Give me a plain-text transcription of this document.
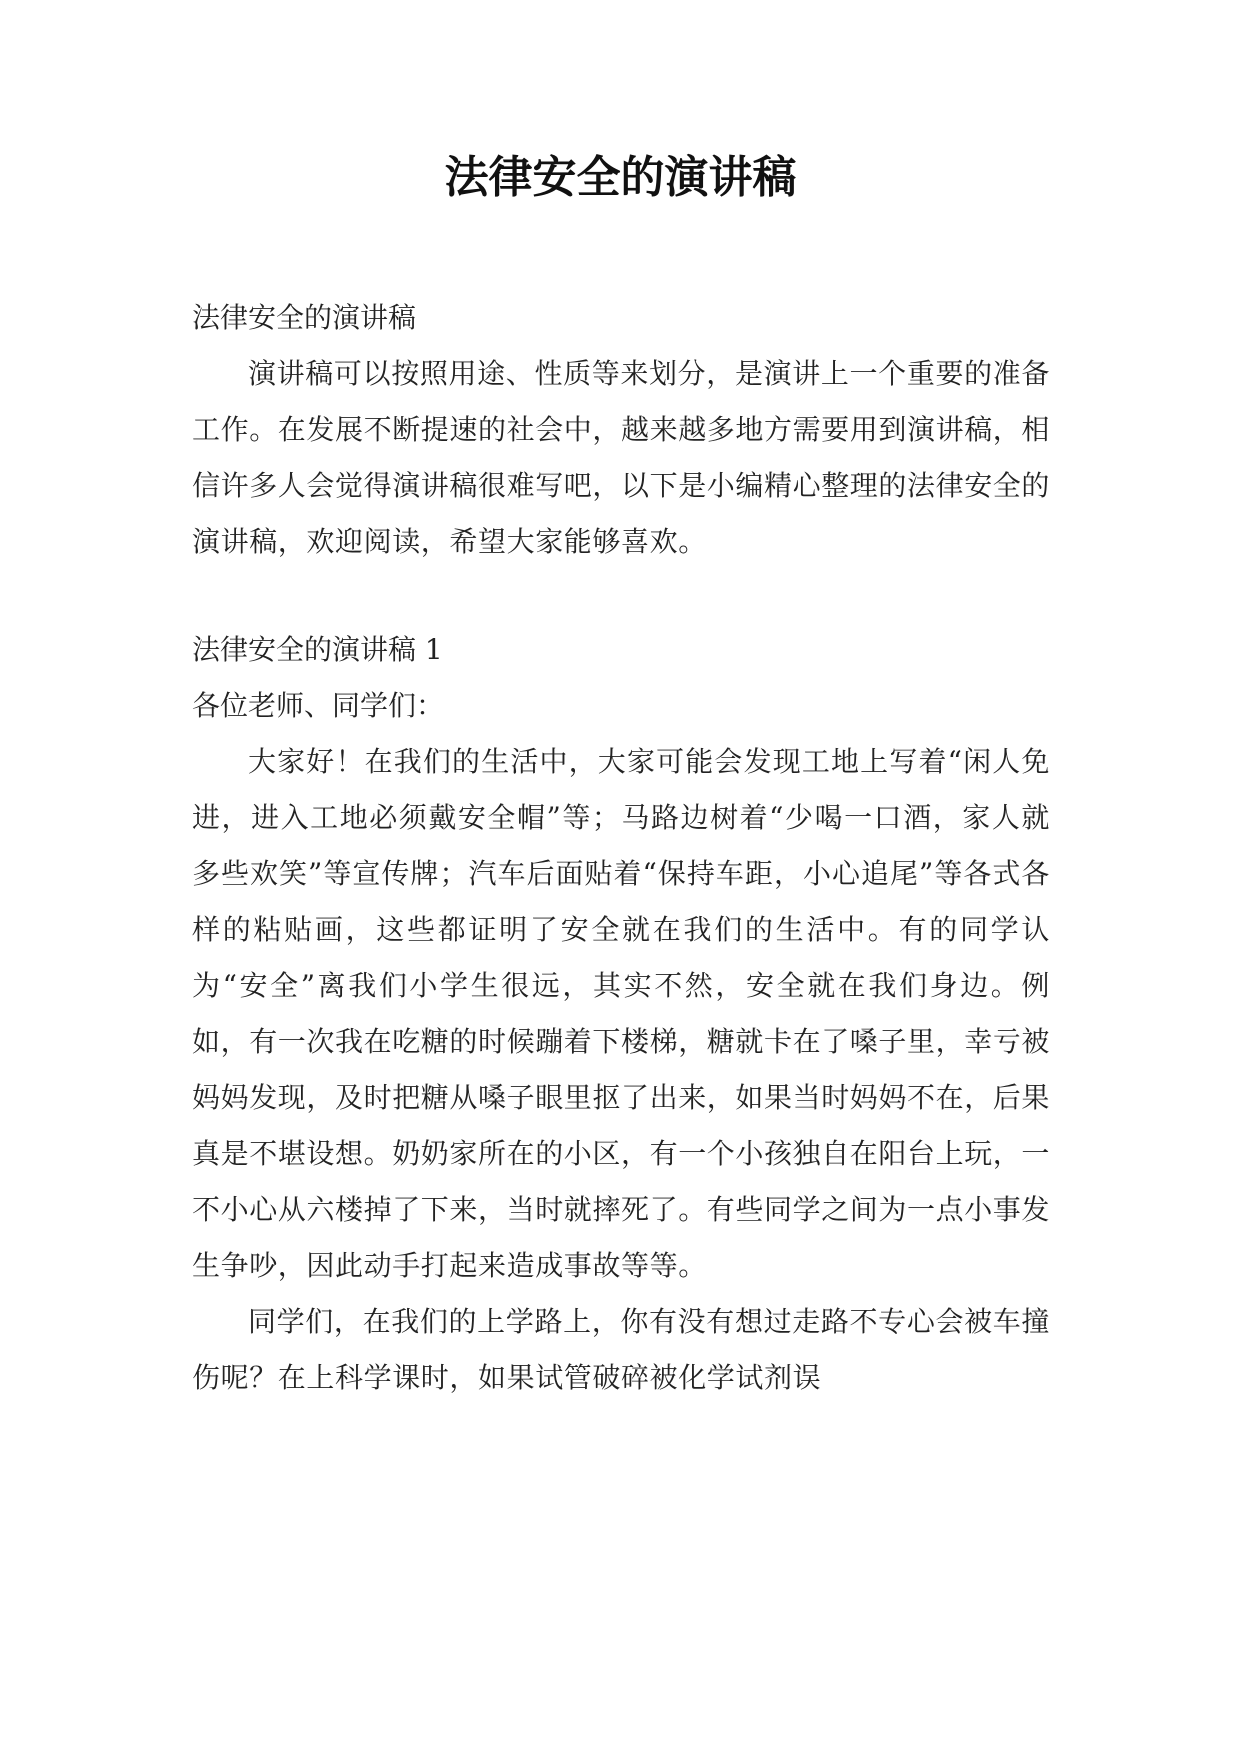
法律安全的演讲稿

法律安全的演讲稿

演讲稿可以按照用途、性质等来划分，是演讲上一个重要的准备工作。在发展不断提速的社会中，越来越多地方需要用到演讲稿，相信许多人会觉得演讲稿很难写吧，以下是小编精心整理的法律安全的演讲稿，欢迎阅读，希望大家能够喜欢。

法律安全的演讲稿 1

各位老师、同学们：

大家好！在我们的生活中，大家可能会发现工地上写着“闲人免进，进入工地必须戴安全帽”等；马路边树着“少喝一口酒，家人就多些欢笑”等宣传牌；汽车后面贴着“保持车距，小心追尾”等各式各样的粘贴画，这些都证明了安全就在我们的生活中。有的同学认为“安全”离我们小学生很远，其实不然，安全就在我们身边。例如，有一次我在吃糖的时候蹦着下楼梯，糖就卡在了嗓子里，幸亏被妈妈发现，及时把糖从嗓子眼里抠了出来，如果当时妈妈不在，后果真是不堪设想。奶奶家所在的小区，有一个小孩独自在阳台上玩，一不小心从六楼掉了下来，当时就摔死了。有些同学之间为一点小事发生争吵，因此动手打起来造成事故等等。

同学们，在我们的上学路上，你有没有想过走路不专心会被车撞伤呢？在上科学课时，如果试管破碎被化学试剂误
